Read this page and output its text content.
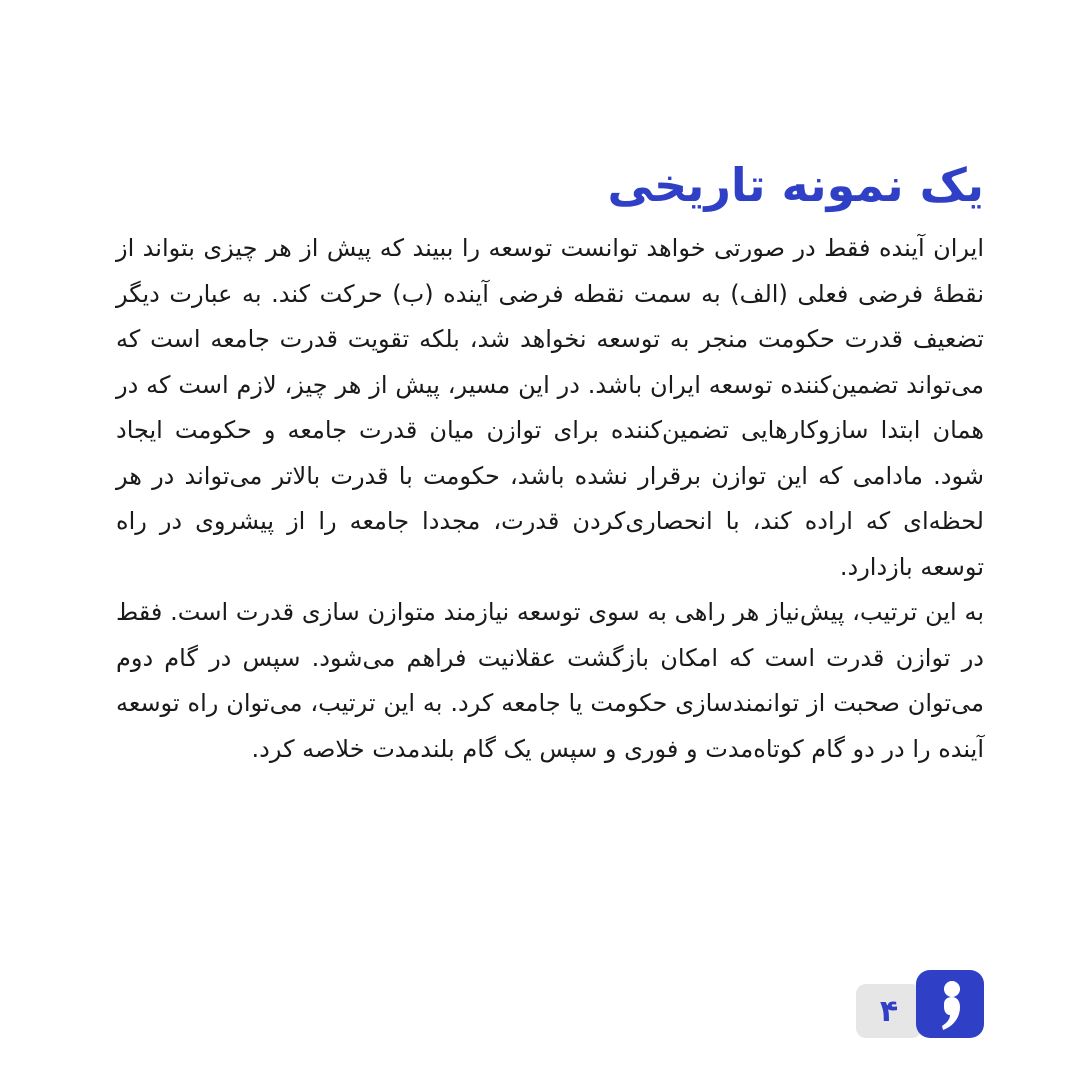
یک نمونه تاریخی

ایران آینده فقط در صورتی خواهد توانست توسعه را ببیند که پیش از هر چیزی بتواند از نقطهٔ فرضی فعلی (الف) به سمت نقطه فرضی آینده (ب) حرکت کند. به عبارت دیگر تضعیف قدرت حکومت منجر به توسعه نخواهد شد، بلکه تقویت قدرت جامعه است که می‌تواند تضمین‌کننده توسعه ایران باشد. در این مسیر، پیش از هر چیز، لازم است که در همان ابتدا سازوکارهایی تضمین‌کننده برای توازن میان قدرت جامعه و حکومت ایجاد شود. مادامی که این توازن برقرار نشده باشد، حکومت با قدرت بالاتر می‌تواند در هر لحظه‌ای که اراده کند، با انحصاری‌کردن قدرت، مجددا جامعه را از پیشروی در راه توسعه بازدارد.

به این ترتیب، پیش‌نیاز هر راهی به سوی توسعه نیازمند متوازن سازی قدرت است. فقط در توازن قدرت است که امکان بازگشت عقلانیت فراهم می‌شود. سپس در گام دوم می‌توان صحبت از توانمندسازی حکومت یا جامعه کرد. به این ترتیب، می‌توان راه توسعه آینده را در دو گام کوتاه‌مدت و فوری و سپس یک گام بلندمدت خلاصه کرد.

۴
